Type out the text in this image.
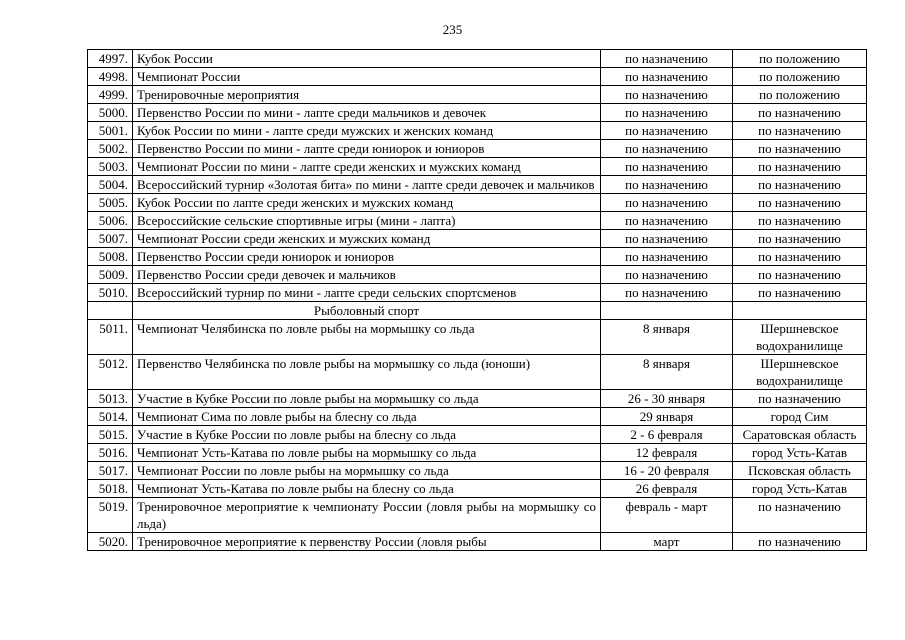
235
4997.	Кубок России	по назначению	по положению
4998.	Чемпионат России	по назначению	по положению
4999.	Тренировочные мероприятия	по назначению	по положению
5000.	Первенство России по мини - лапте среди мальчиков и девочек	по назначению	по назначению
5001.	Кубок России по мини - лапте среди мужских и женских команд	по назначению	по назначению
5002.	Первенство России по мини - лапте среди юниорок и юниоров	по назначению	по назначению
5003.	Чемпионат России по мини - лапте среди женских и мужских команд	по назначению	по назначению
5004.	Всероссийский турнир «Золотая бита» по мини - лапте среди девочек и мальчиков	по назначению	по назначению
5005.	Кубок России по лапте среди женских и мужских команд	по назначению	по назначению
5006.	Всероссийские сельские спортивные игры (мини - лапта)	по назначению	по назначению
5007.	Чемпионат России среди женских и мужских команд	по назначению	по назначению
5008.	Первенство России среди юниорок и юниоров	по назначению	по назначению
5009.	Первенство России среди девочек и мальчиков	по назначению	по назначению
5010.	Всероссийский турнир по мини - лапте среди сельских спортсменов	по назначению	по назначению
	Рыболовный спорт		
5011.	Чемпионат Челябинска по ловле рыбы на мормышку со льда	8 января	Шершневское водохранилище
5012.	Первенство Челябинска по ловле рыбы на мормышку со льда (юноши)	8 января	Шершневское водохранилище
5013.	Участие в Кубке России по ловле рыбы на мормышку со льда	26 - 30 января	по назначению
5014.	Чемпионат Сима по ловле рыбы на блесну со льда	29 января	город Сим
5015.	Участие в Кубке России по ловле рыбы на блесну со льда	2 - 6 февраля	Саратовская область
5016.	Чемпионат Усть-Катава по ловле рыбы на мормышку со льда	12 февраля	город Усть-Катав
5017.	Чемпионат России по ловле рыбы на мормышку со льда	16 - 20 февраля	Псковская область
5018.	Чемпионат Усть-Катава по ловле рыбы на блесну со льда	26 февраля	город Усть-Катав
5019.	Тренировочное мероприятие к чемпионату России (ловля рыбы на мормышку со льда)	февраль - март	по назначению
5020.	Тренировочное мероприятие к первенству России (ловля рыбы	март	по назначению
